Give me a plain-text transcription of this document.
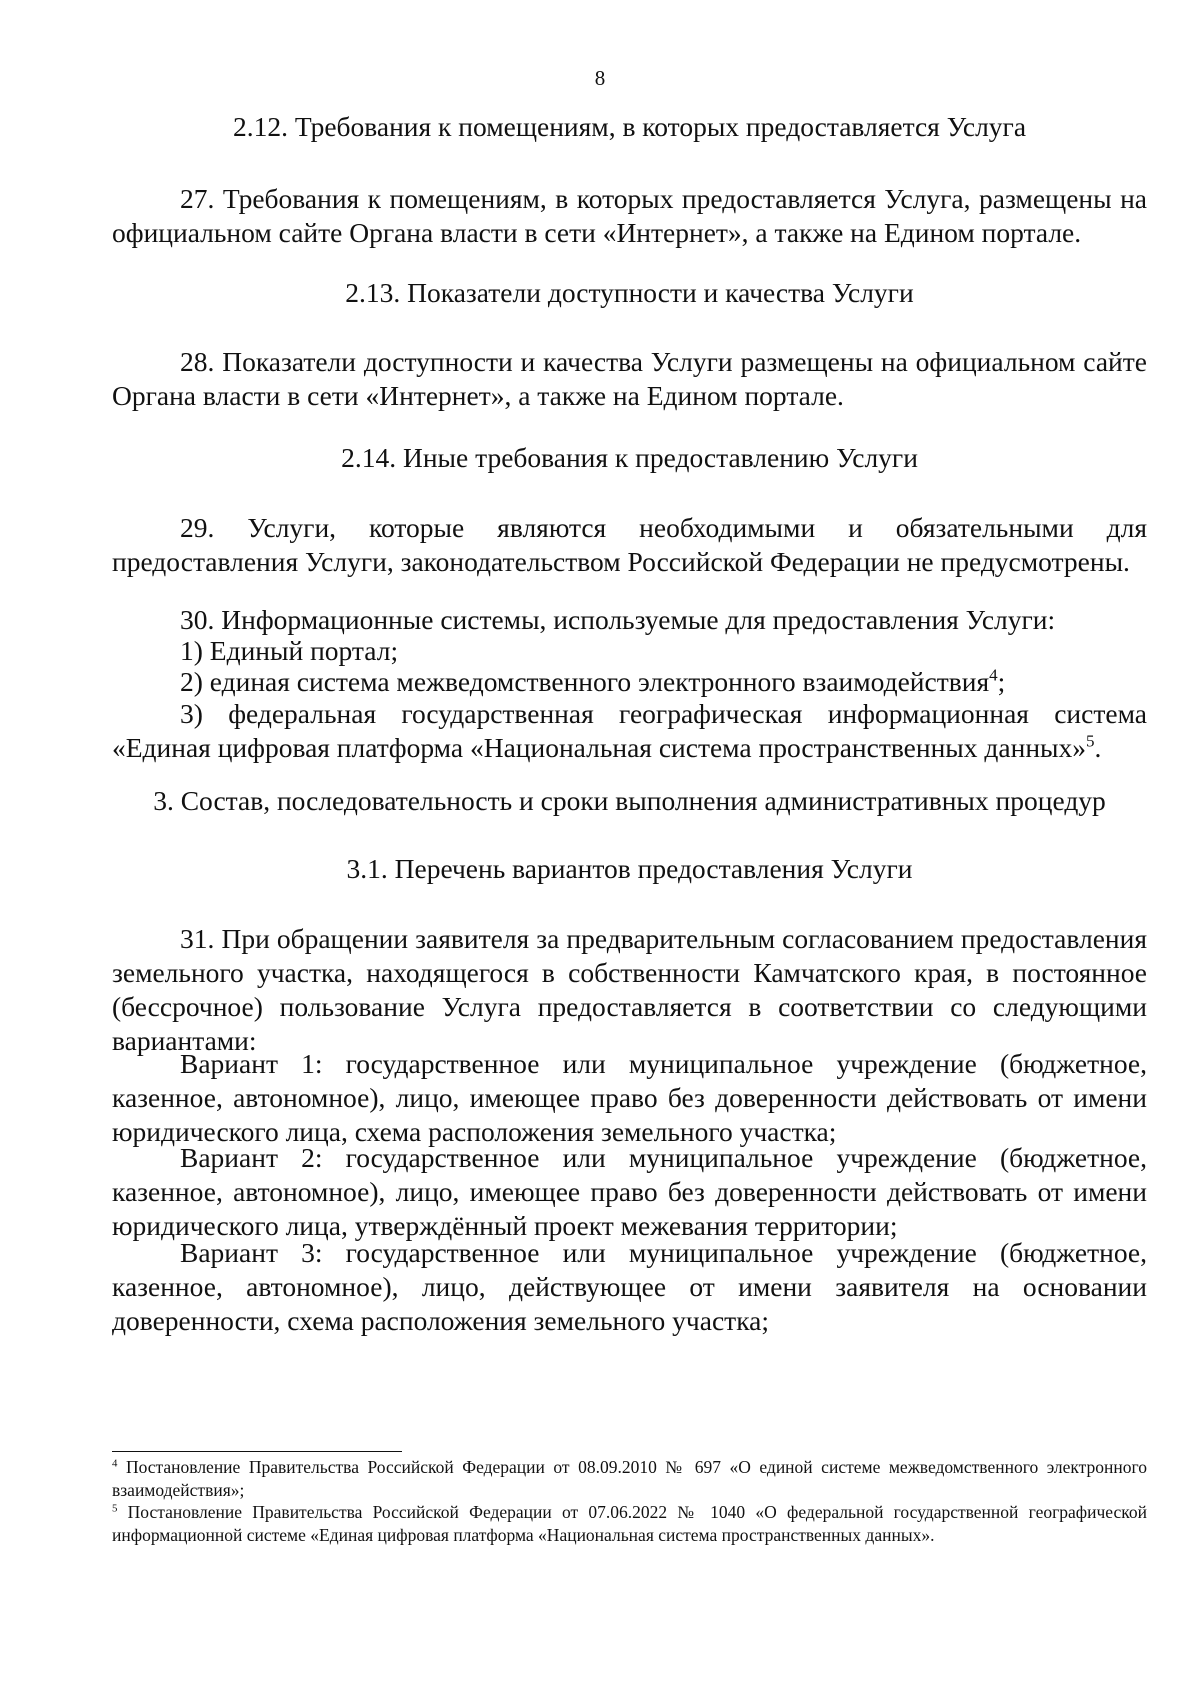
8

2.12. Требования к помещениям, в которых предоставляется Услуга

27. Требования к помещениям, в которых предоставляется Услуга, размещены на официальном сайте Органа власти в сети «Интернет», а также на Едином портале.

2.13. Показатели доступности и качества Услуги

28. Показатели доступности и качества Услуги размещены на официальном сайте Органа власти в сети «Интернет», а также на Едином портале.

2.14. Иные требования к предоставлению Услуги

29. Услуги, которые являются необходимыми и обязательными для предоставления Услуги, законодательством Российской Федерации не предусмотрены.

30. Информационные системы, используемые для предоставления Услуги:

1) Единый портал;

2) единая система межведомственного электронного взаимодействия$^4$;

3) федеральная государственная географическая информационная система «Единая цифровая платформа «Национальная система пространственных данных»$^5$.

3. Состав, последовательность и сроки выполнения административных процедур

3.1. Перечень вариантов предоставления Услуги

31. При обращении заявителя за предварительным согласованием предоставления земельного участка, находящегося в собственности Камчатского края, в постоянное (бессрочное) пользование Услуга предоставляется в соответствии со следующими вариантами:

Вариант 1: государственное или муниципальное учреждение (бюджетное, казенное, автономное), лицо, имеющее право без доверенности действовать от имени юридического лица, схема расположения земельного участка;

Вариант 2: государственное или муниципальное учреждение (бюджетное, казенное, автономное), лицо, имеющее право без доверенности действовать от имени юридического лица, утверждённый проект межевания территории;

Вариант 3: государственное или муниципальное учреждение (бюджетное, казенное, автономное), лицо, действующее от имени заявителя на основании доверенности, схема расположения земельного участка;

$^4$ Постановление Правительства Российской Федерации от 08.09.2010 № 697 «О единой системе межведомственного электронного взаимодействия»;

$^5$ Постановление Правительства Российской Федерации от 07.06.2022 № 1040 «О федеральной государственной географической информационной системе «Единая цифровая платформа «Национальная система пространственных данных».
